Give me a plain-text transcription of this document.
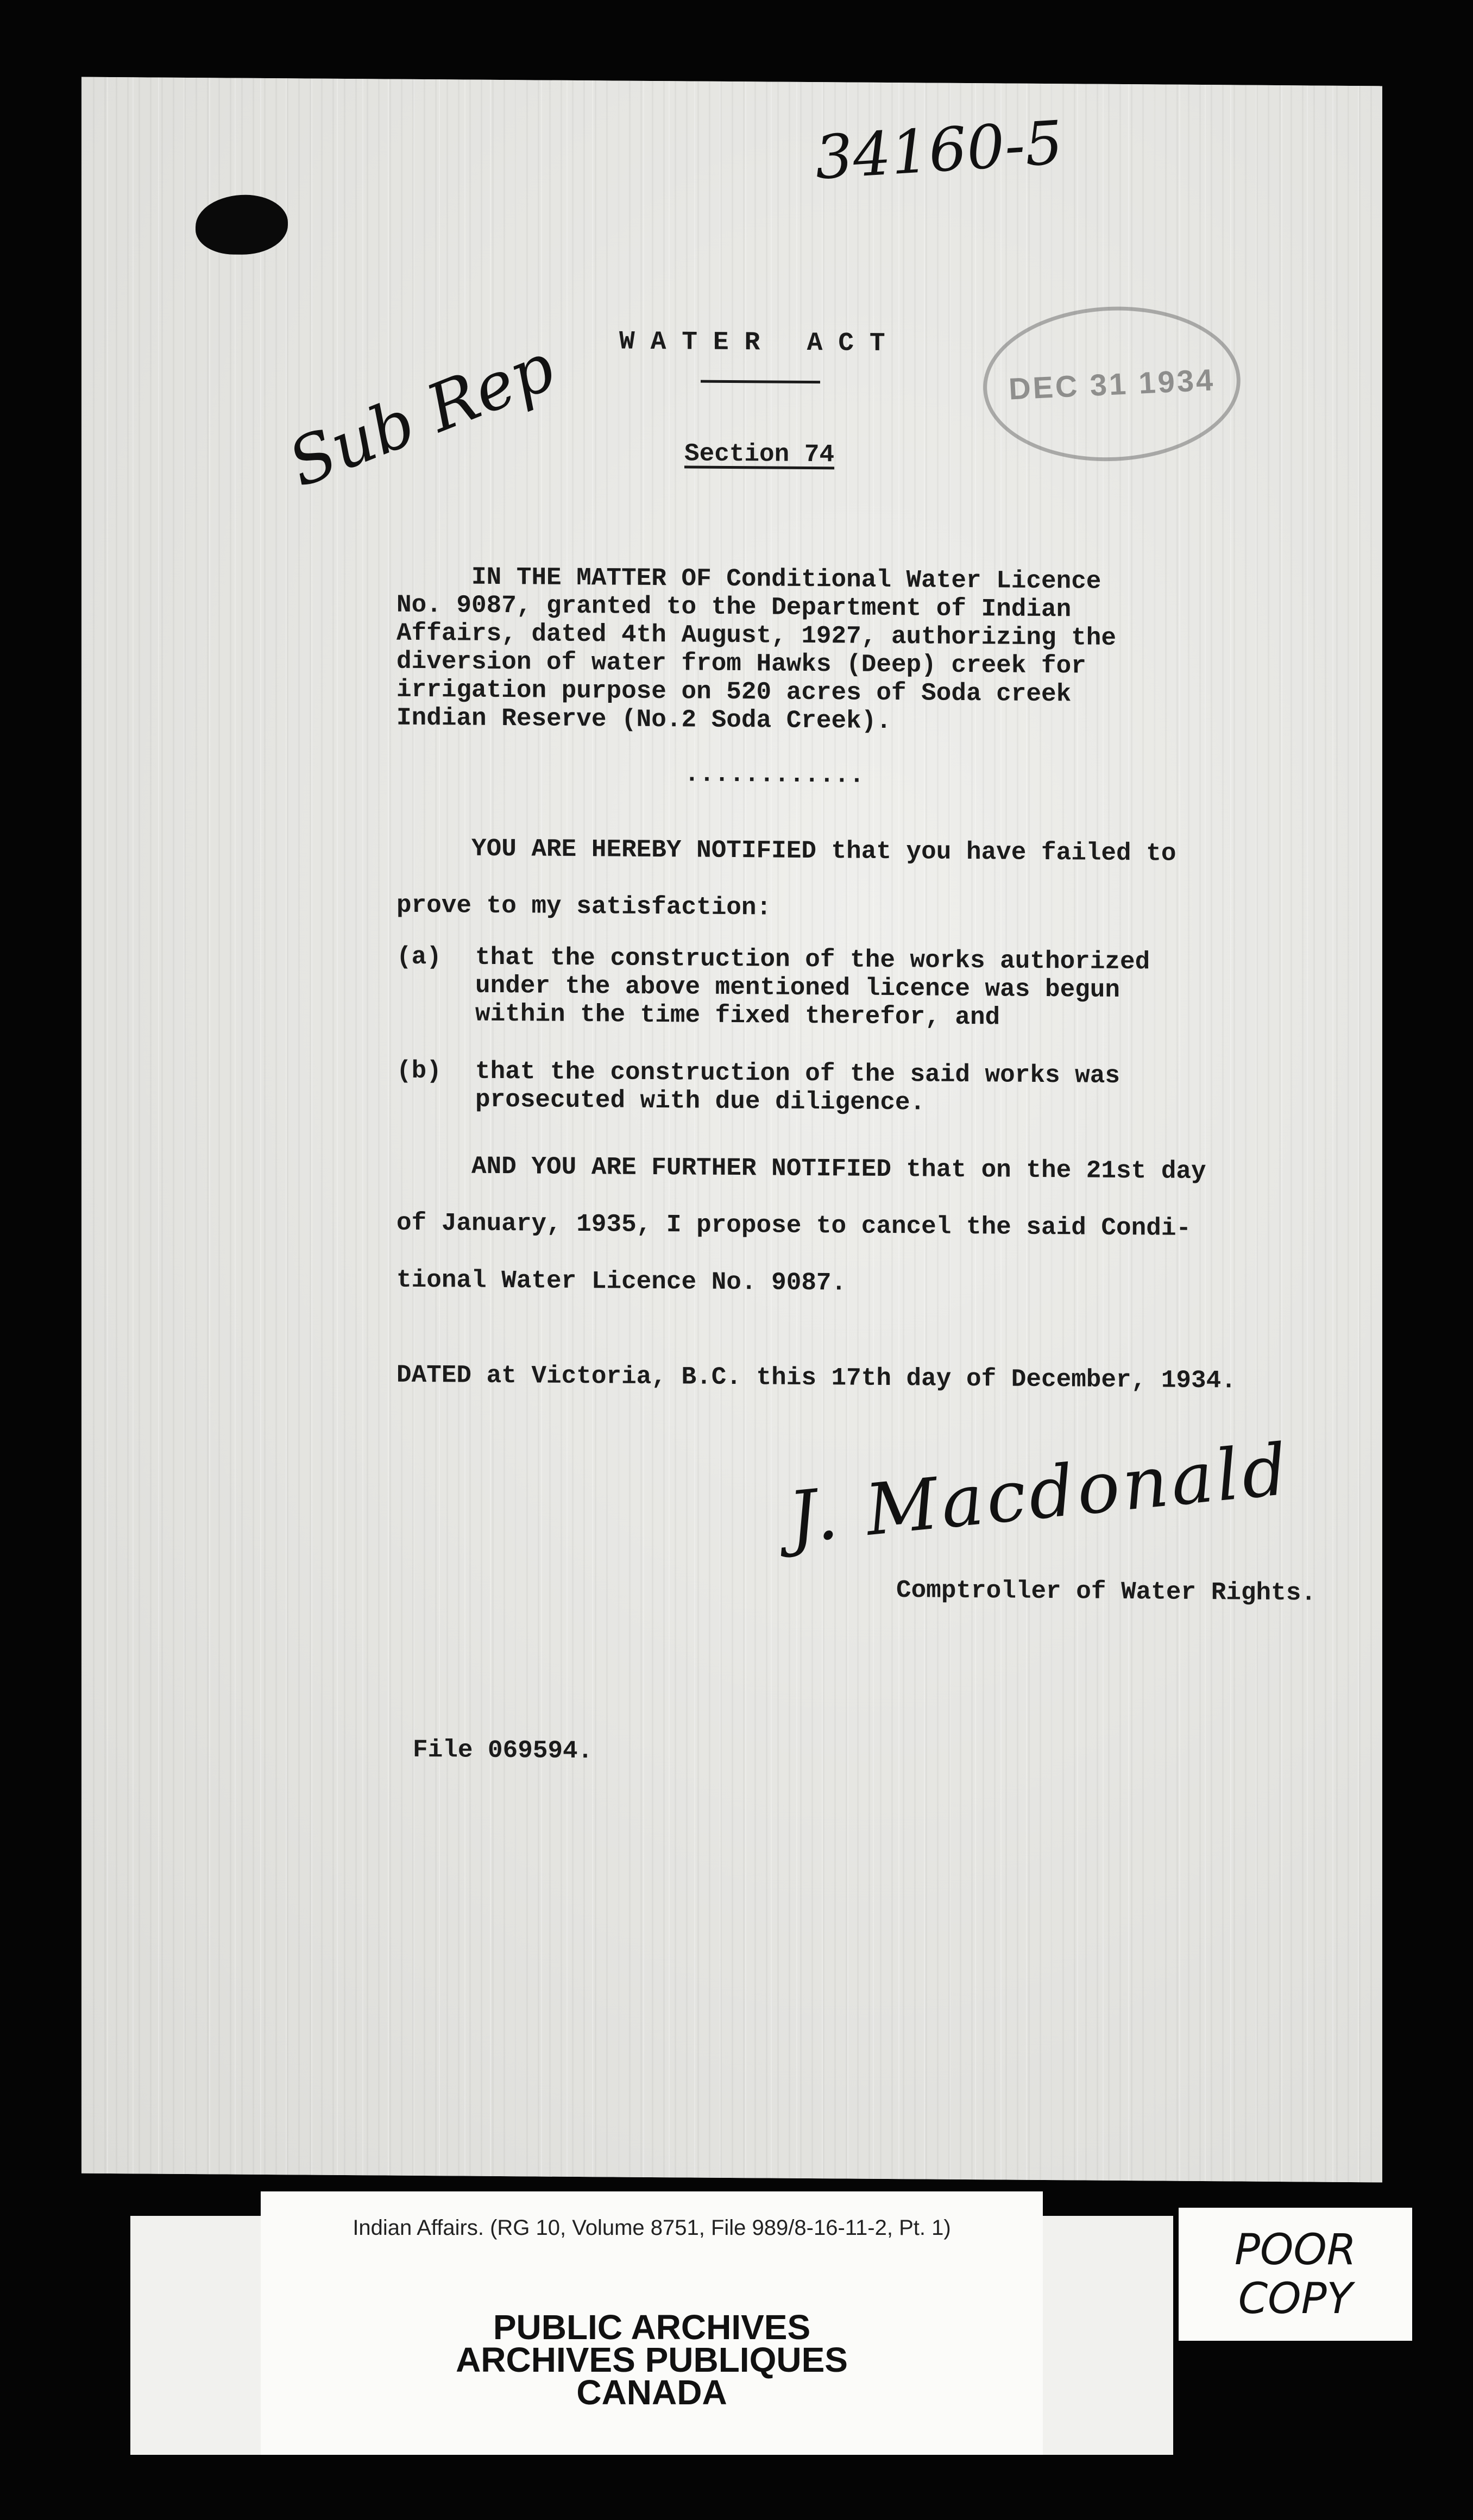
34160-5
Sub Rep	DEC 31 1934
W A T E R   A C T
Section 74
IN THE MATTER OF Conditional Water Licence
No. 9087, granted to the Department of Indian
Affairs, dated 4th August, 1927, authorizing the
diversion of water from Hawks (Deep) creek for
irrigation purpose on 520 acres of Soda creek
Indian Reserve (No.2 Soda Creek).
............
YOU ARE HEREBY NOTIFIED that you have failed to
prove to my satisfaction:
(a) that the construction of the works authorized
under the above mentioned licence was begun
within the time fixed therefor, and
(b) that the construction of the said works was
prosecuted with due diligence.
AND YOU ARE FURTHER NOTIFIED that on the 21st day
of January, 1935, I propose to cancel the said Condi-
tional Water Licence No. 9087.
DATED at Victoria, B.C. this 17th day of December, 1934.
J. Macdonald
Comptroller of Water Rights.
File 069594.
Indian Affairs. (RG 10, Volume 8751, File 989/8-16-11-2, Pt. 1)
PUBLIC ARCHIVES
ARCHIVES PUBLIQUES
CANADA
POOR
COPY
